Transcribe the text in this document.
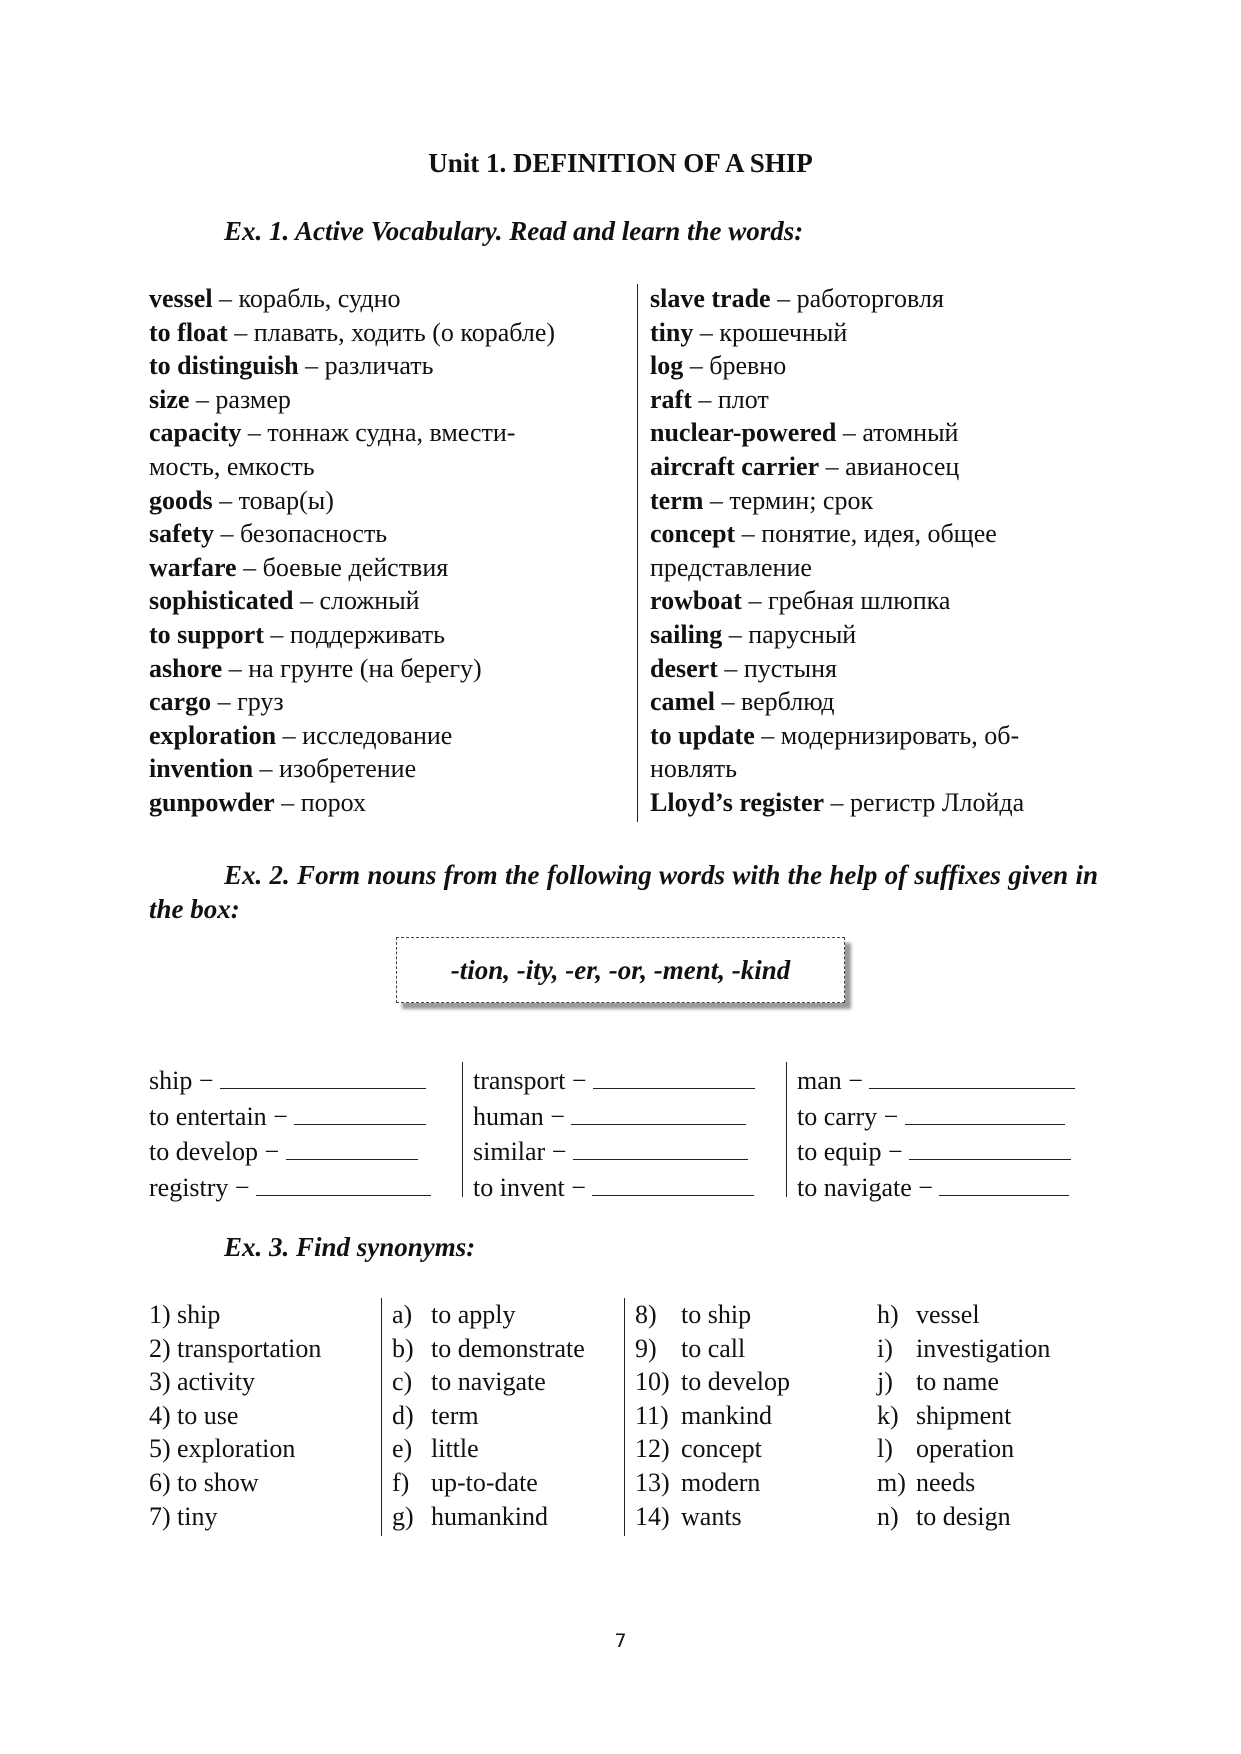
Unit 1. DEFINITION OF A SHIP
Ex. 1. Active Vocabulary. Read and learn the words:
vessel – корабль, судно
to float – плавать, ходить (о корабле)
to distinguish – различать
size – размер
capacity – тоннаж судна, вмести-мость, емкость
goods – товар(ы)
safety – безопасность
warfare – боевые действия
sophisticated – сложный
to support – поддерживать
ashore – на грунте (на берегу)
cargo – груз
exploration – исследование
invention – изобретение
gunpowder – порох
slave trade – работорговля
tiny – крошечный
log – бревно
raft – плот
nuclear-powered – атомный
aircraft carrier – авианосец
term – термин; срок
concept – понятие, идея, общее представление
rowboat – гребная шлюпка
sailing – парусный
desert – пустыня
camel – верблюд
to update – модернизировать, об-новлять
Lloyd’s register – регистр Ллойда
Ex. 2. Form nouns from the following words with the help of suffixes given in the box:
-tion, -ity, -er, -or, -ment, -kind
ship −
to entertain −
to develop −
registry −
transport −
human −
similar −
to invent −
man −
to carry −
to equip −
to navigate −
Ex. 3. Find synonyms:
1) ship
2) transportation
3) activity
4) to use
5) exploration
6) to show
7) tiny
a) to apply
b) to demonstrate
c) to navigate
d) term
e) little
f) up-to-date
g) humankind
8) to ship
9) to call
10) to develop
11) mankind
12) concept
13) modern
14) wants
h) vessel
i) investigation
j) to name
k) shipment
l) operation
m) needs
n) to design
7
